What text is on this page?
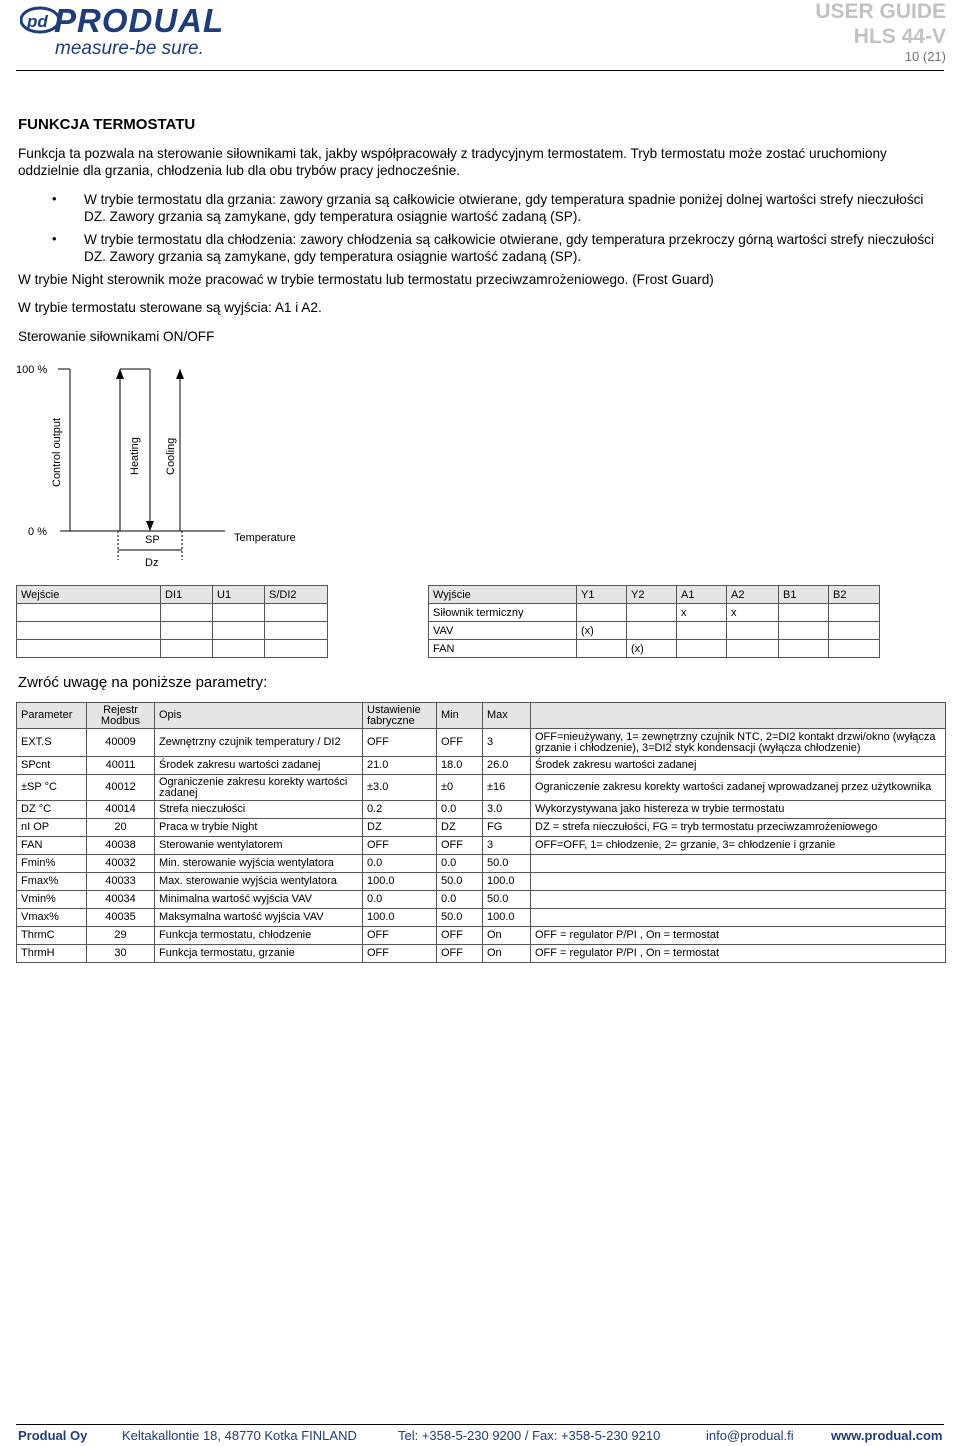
pd PRODUAL
measure-be sure.
USER GUIDE
HLS 44-V
10 (21)
FUNKCJA TERMOSTATU
Funkcja ta pozwala na sterowanie siłownikami tak, jakby współpracowały z tradycyjnym termostatem. Tryb termostatu może zostać uruchomiony oddzielnie dla grzania, chłodzenia lub dla obu trybów pracy jednocześnie.
• W trybie termostatu dla grzania: zawory grzania są całkowicie otwierane, gdy temperatura spadnie poniżej dolnej wartości strefy nieczułości DZ. Zawory grzania są zamykane, gdy temperatura osiągnie wartość zadaną (SP).
• W trybie termostatu dla chłodzenia: zawory chłodzenia są całkowicie otwierane, gdy temperatura przekroczy górną wartości strefy nieczułości DZ. Zawory grzania są zamykane, gdy temperatura osiągnie wartość zadaną (SP).
W trybie Night sterownik może pracować w trybie termostatu lub termostatu przeciwzamrożeniowego. (Frost Guard)
W trybie termostatu sterowane są wyjścia: A1 i A2.
Sterowanie siłownikami ON/OFF
100 %
0 %
Control output	Heating Cooling
SP
Dz
Temperature
Wejście	DI1	U1	S/DI2

				Wyjście	Y1	Y2	A1	A2	B1	B2
Siłownik termiczny			x	x		
VAV	(x)					
FAN		(x)				
Zwróć uwagę na poniższe parametry:
Parameter	Rejestr Modbus	Opis	Ustawienie fabryczne	Min	Max	
EXT.S	40009	Zewnętrzny czujnik temperatury / DI2	OFF	OFF	3	OFF=nieużywany, 1= zewnętrzny czujnik NTC, 2=DI2 kontakt drzwi/okno (wyłącza grzanie i chłodzenie), 3=DI2 styk kondensacji (wyłącza chłodzenie)
SPcnt	40011	Środek zakresu wartości zadanej	21.0	18.0	26.0	Środek zakresu wartości zadanej
±SP °C	40012	Ograniczenie zakresu korekty wartości zadanej	±3.0	±0	±16	Ograniczenie zakresu korekty wartości zadanej wprowadzanej przez użytkownika
DZ °C	40014	Strefa nieczułości	0.2	0.0	3.0	Wykorzystywana jako histereza w trybie termostatu
nI OP	20	Praca w trybie Night	DZ	DZ	FG	DZ = strefa nieczułości, FG = tryb termostatu przeciwzamrożeniowego
FAN	40038	Sterowanie wentylatorem	OFF	OFF	3	OFF=OFF, 1= chłodzenie, 2= grzanie, 3= chłodzenie i grzanie
Fmin%	40032	Min. sterowanie wyjścia wentylatora	0.0	0.0	50.0	
Fmax%	40033	Max. sterowanie wyjścia wentylatora	100.0	50.0	100.0	
Vmin%	40034	Minimalna wartość wyjścia VAV	0.0	0.0	50.0	
Vmax%	40035	Maksymalna wartość wyjścia VAV	100.0	50.0	100.0	
ThrmC	29	Funkcja termostatu, chłodzenie	OFF	OFF	On	OFF = regulator P/PI , On = termostat
ThrmH	30	Funkcja termostatu, grzanie	OFF	OFF	On	OFF = regulator P/PI , On = termostat
Produal Oy	Keltakallontie 18, 48770 Kotka FINLAND	Tel: +358-5-230 9200 / Fax: +358-5-230 9210	info@produal.fi	www.produal.com
